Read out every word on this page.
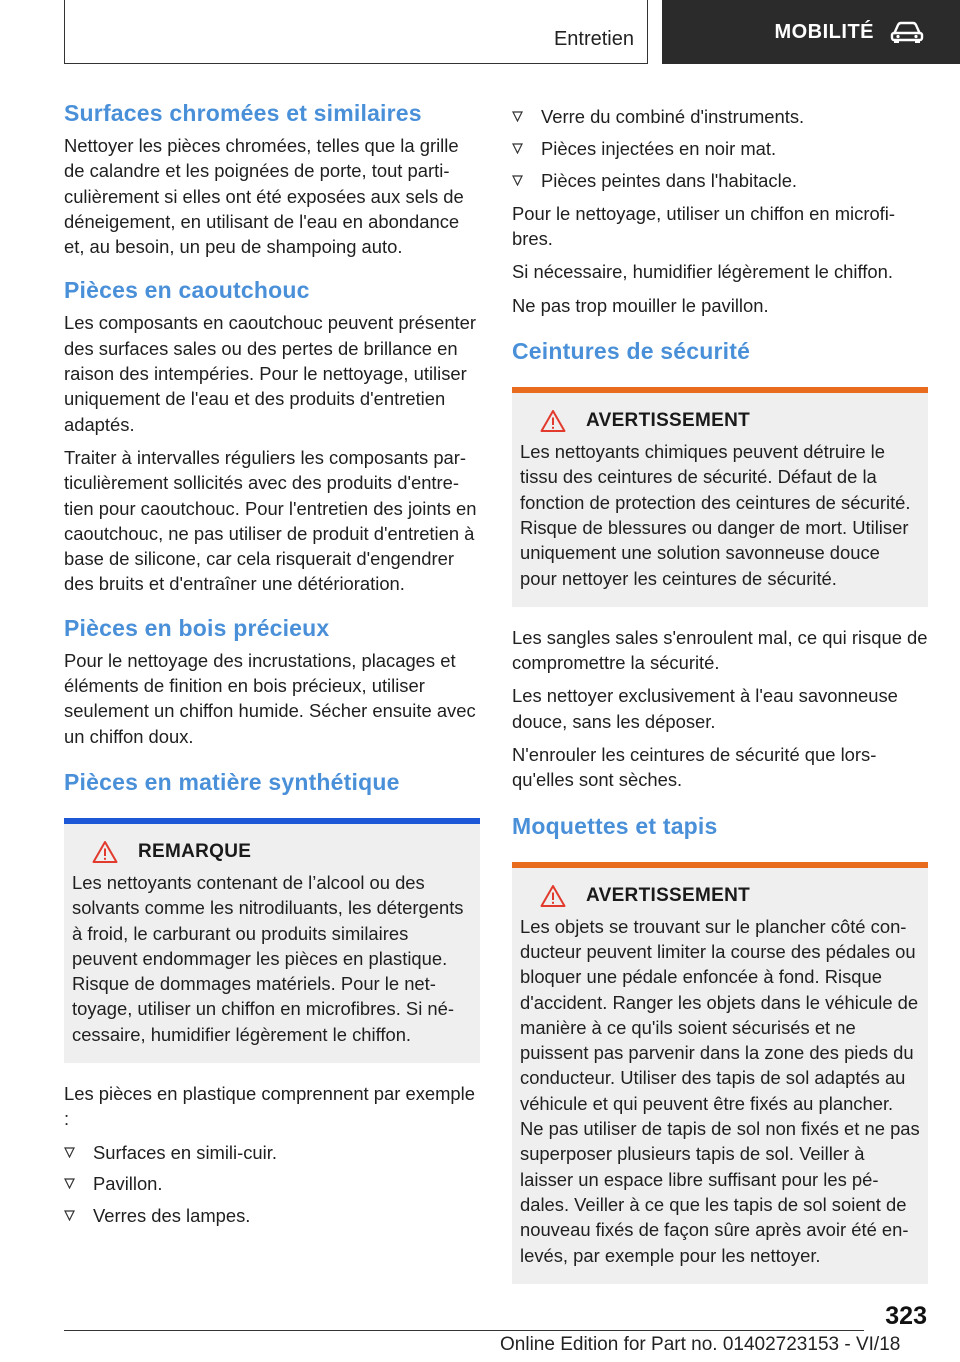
Entretien	MOBILITÉ
Surfaces chromées et similaires

Nettoyer les pièces chromées, telles que la grille de calandre et les poignées de porte, tout particulièrement si elles ont été exposées aux sels de déneigement, en utilisant de l'eau en abondance et, au besoin, un peu de shampoing auto.

Pièces en caoutchouc

Les composants en caoutchouc peuvent présenter des surfaces sales ou des pertes de brillance en raison des intempéries. Pour le nettoyage, utiliser uniquement de l'eau et des produits d'entretien adaptés.

Traiter à intervalles réguliers les composants particulièrement sollicités avec des produits d'entretien pour caoutchouc. Pour l'entretien des joints en caoutchouc, ne pas utiliser de produit d'entretien à base de silicone, car cela risquerait d'engendrer des bruits et d'entraîner une détérioration.

Pièces en bois précieux

Pour le nettoyage des incrustations, placages et éléments de finition en bois précieux, utiliser seulement un chiffon humide. Sécher ensuite avec un chiffon doux.

Pièces en matière synthétique
REMARQUE

Les nettoyants contenant de l’alcool ou des solvants comme les nitrodiluants, les détergents à froid, le carburant ou produits similaires peuvent endommager les pièces en plastique. Risque de dommages matériels. Pour le nettoyage, utiliser un chiffon en microfibres. Si nécessaire, humidifier légèrement le chiffon.

Les pièces en plastique comprennent par exemple :

Surfaces en simili-cuir.
Pavillon.
Verres des lampes.
Verre du combiné d'instruments.
Pièces injectées en noir mat.
Pièces peintes dans l'habitacle.

Pour le nettoyage, utiliser un chiffon en microfibres.

Si nécessaire, humidifier légèrement le chiffon.

Ne pas trop mouiller le pavillon.

Ceintures de sécurité
AVERTISSEMENT

Les nettoyants chimiques peuvent détruire le tissu des ceintures de sécurité. Défaut de la fonction de protection des ceintures de sécurité. Risque de blessures ou danger de mort. Utiliser uniquement une solution savonneuse douce pour nettoyer les ceintures de sécurité.

Les sangles sales s'enroulent mal, ce qui risque de compromettre la sécurité.

Les nettoyer exclusivement à l'eau savonneuse douce, sans les déposer.

N'enrouler les ceintures de sécurité que lorsqu'elles sont sèches.

Moquettes et tapis
AVERTISSEMENT

Les objets se trouvant sur le plancher côté conducteur peuvent limiter la course des pédales ou bloquer une pédale enfoncée à fond. Risque d'accident. Ranger les objets dans le véhicule de manière à ce qu'ils soient sécurisés et ne puissent pas parvenir dans la zone des pieds du conducteur. Utiliser des tapis de sol adaptés au véhicule et qui peuvent être fixés au plancher. Ne pas utiliser de tapis de sol non fixés et ne pas superposer plusieurs tapis de sol. Veiller à laisser un espace libre suffisant pour les pédales. Veiller à ce que les tapis de sol soient de nouveau fixés de façon sûre après avoir été enlevés, par exemple pour les nettoyer.

323
Online Edition for Part no. 01402723153 - VI/18
